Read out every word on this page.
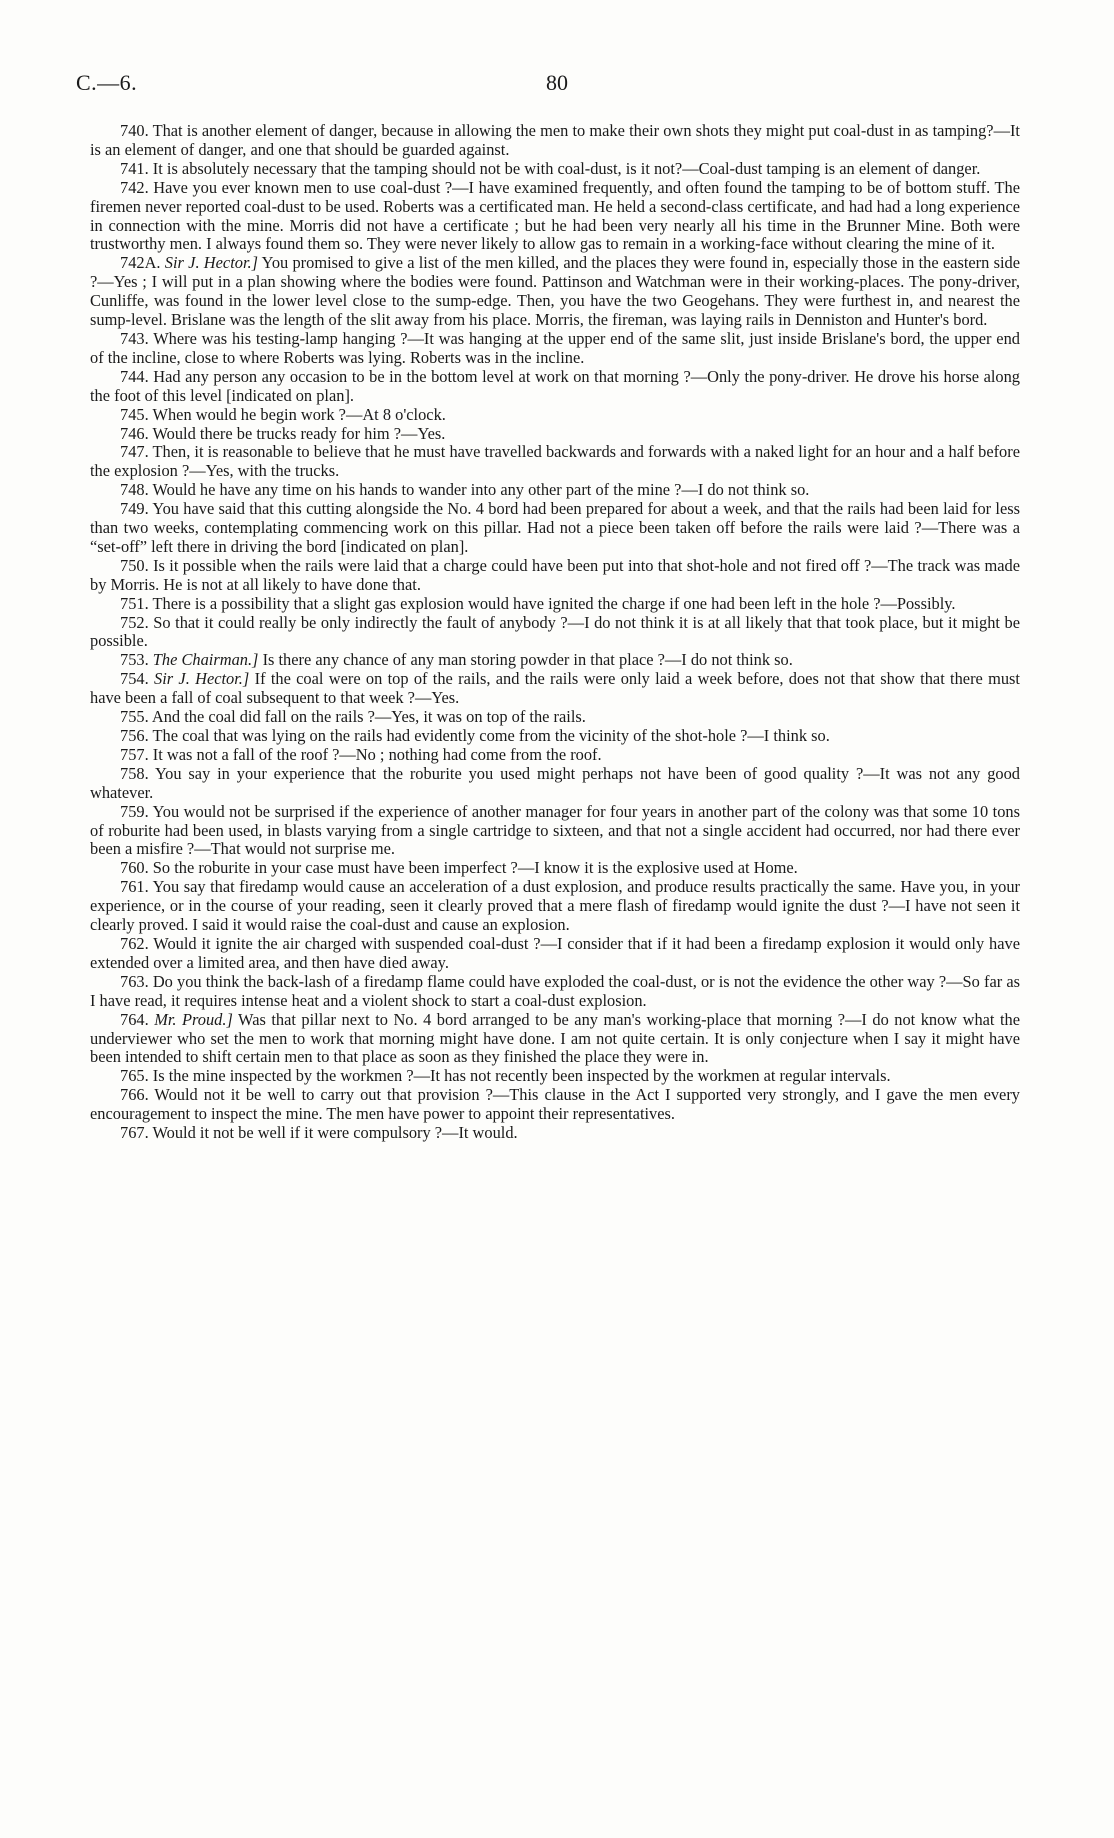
C.—6.	80

740. That is another element of danger, because in allowing the men to make their own shots they might put coal-dust in as tamping?—It is an element of danger, and one that should be guarded against.

741. It is absolutely necessary that the tamping should not be with coal-dust, is it not?—Coal-dust tamping is an element of danger.

742. Have you ever known men to use coal-dust ?—I have examined frequently, and often found the tamping to be of bottom stuff. The firemen never reported coal-dust to be used. Roberts was a certificated man. He held a second-class certificate, and had had a long experience in connection with the mine. Morris did not have a certificate ; but he had been very nearly all his time in the Brunner Mine. Both were trustworthy men. I always found them so. They were never likely to allow gas to remain in a working-face without clearing the mine of it.

742A. Sir J. Hector.] You promised to give a list of the men killed, and the places they were found in, especially those in the eastern side ?—Yes ; I will put in a plan showing where the bodies were found. Pattinson and Watchman were in their working-places. The pony-driver, Cunliffe, was found in the lower level close to the sump-edge. Then, you have the two Geogehans. They were furthest in, and nearest the sump-level. Brislane was the length of the slit away from his place. Morris, the fireman, was laying rails in Denniston and Hunter's bord.

743. Where was his testing-lamp hanging ?—It was hanging at the upper end of the same slit, just inside Brislane's bord, the upper end of the incline, close to where Roberts was lying. Roberts was in the incline.

744. Had any person any occasion to be in the bottom level at work on that morning ?—Only the pony-driver. He drove his horse along the foot of this level [indicated on plan].

745. When would he begin work ?—At 8 o'clock.

746. Would there be trucks ready for him ?—Yes.

747. Then, it is reasonable to believe that he must have travelled backwards and forwards with a naked light for an hour and a half before the explosion ?—Yes, with the trucks.

748. Would he have any time on his hands to wander into any other part of the mine ?—I do not think so.

749. You have said that this cutting alongside the No. 4 bord had been prepared for about a week, and that the rails had been laid for less than two weeks, contemplating commencing work on this pillar. Had not a piece been taken off before the rails were laid ?—There was a “set-off” left there in driving the bord [indicated on plan].

750. Is it possible when the rails were laid that a charge could have been put into that shot-hole and not fired off ?—The track was made by Morris. He is not at all likely to have done that.

751. There is a possibility that a slight gas explosion would have ignited the charge if one had been left in the hole ?—Possibly.

752. So that it could really be only indirectly the fault of anybody ?—I do not think it is at all likely that that took place, but it might be possible.

753. The Chairman.] Is there any chance of any man storing powder in that place ?—I do not think so.

754. Sir J. Hector.] If the coal were on top of the rails, and the rails were only laid a week before, does not that show that there must have been a fall of coal subsequent to that week ?—Yes.

755. And the coal did fall on the rails ?—Yes, it was on top of the rails.

756. The coal that was lying on the rails had evidently come from the vicinity of the shot-hole ?—I think so.

757. It was not a fall of the roof ?—No ; nothing had come from the roof.

758. You say in your experience that the roburite you used might perhaps not have been of good quality ?—It was not any good whatever.

759. You would not be surprised if the experience of another manager for four years in another part of the colony was that some 10 tons of roburite had been used, in blasts varying from a single cartridge to sixteen, and that not a single accident had occurred, nor had there ever been a misfire ?—That would not surprise me.

760. So the roburite in your case must have been imperfect ?—I know it is the explosive used at Home.

761. You say that firedamp would cause an acceleration of a dust explosion, and produce results practically the same. Have you, in your experience, or in the course of your reading, seen it clearly proved that a mere flash of firedamp would ignite the dust ?—I have not seen it clearly proved. I said it would raise the coal-dust and cause an explosion.

762. Would it ignite the air charged with suspended coal-dust ?—I consider that if it had been a firedamp explosion it would only have extended over a limited area, and then have died away.

763. Do you think the back-lash of a firedamp flame could have exploded the coal-dust, or is not the evidence the other way ?—So far as I have read, it requires intense heat and a violent shock to start a coal-dust explosion.

764. Mr. Proud.] Was that pillar next to No. 4 bord arranged to be any man's working-place that morning ?—I do not know what the underviewer who set the men to work that morning might have done. I am not quite certain. It is only conjecture when I say it might have been intended to shift certain men to that place as soon as they finished the place they were in.

765. Is the mine inspected by the workmen ?—It has not recently been inspected by the workmen at regular intervals.

766. Would not it be well to carry out that provision ?—This clause in the Act I supported very strongly, and I gave the men every encouragement to inspect the mine. The men have power to appoint their representatives.

767. Would it not be well if it were compulsory ?—It would.
